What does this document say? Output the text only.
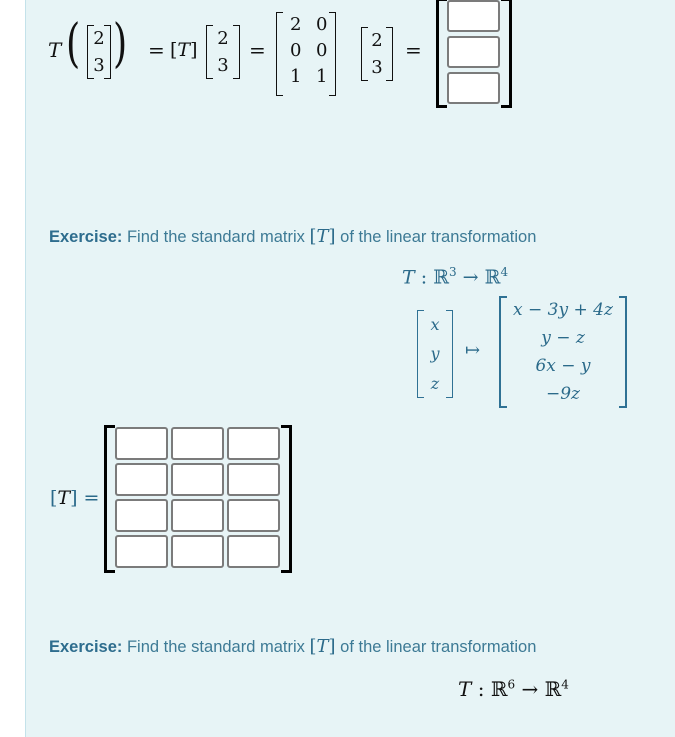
T ( 2
3 ) = [T]
2
3
=
2 0
0 0
1 1
2
3
=
Exercise: Find the standard matrix [T] of the linear transformation
T : ℝ$^3$ → ℝ$^4$
x
y
z
↦
x − 3y + 4z
y − z
6x − y
−9z
[T] =
Exercise: Find the standard matrix [T] of the linear transformation
T : ℝ$^6$ → ℝ$^4$
